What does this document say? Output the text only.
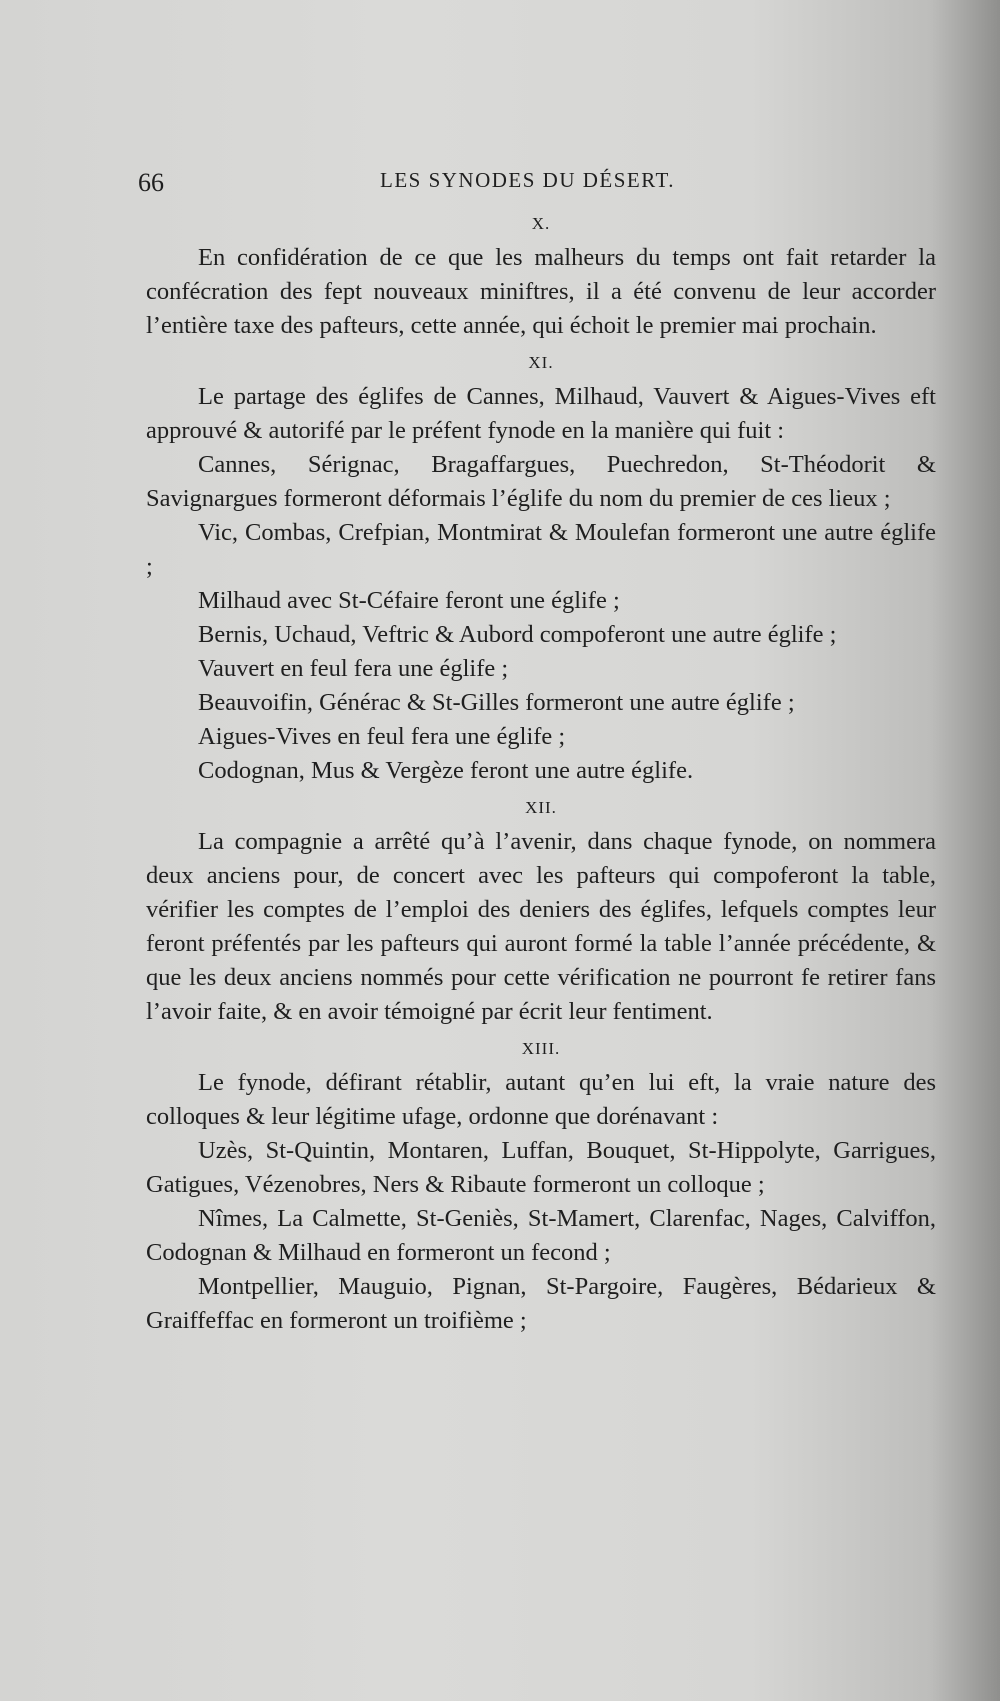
66	LES SYNODES DU DÉSERT.
X.

En confidération de ce que les malheurs du temps ont fait retarder la confécration des fept nouveaux miniftres, il a été convenu de leur accorder l’entière taxe des pafteurs, cette année, qui échoit le premier mai prochain.

XI.

Le partage des églifes de Cannes, Milhaud, Vauvert & Aigues-Vives eft approuvé & autorifé par le préfent fynode en la manière qui fuit :

Cannes, Sérignac, Bragaffargues, Puechredon, St-Théodorit & Savignargues formeront déformais l’églife du nom du premier de ces lieux ;

Vic, Combas, Crefpian, Montmirat & Moulefan formeront une autre églife ;

Milhaud avec St-Céfaire feront une églife ;

Bernis, Uchaud, Veftric & Aubord compoferont une autre églife ;

Vauvert en feul fera une églife ;

Beauvoifin, Générac & St-Gilles formeront une autre églife ;

Aigues-Vives en feul fera une églife ;

Codognan, Mus & Vergèze feront une autre églife.

XII.

La compagnie a arrêté qu’à l’avenir, dans chaque fynode, on nommera deux anciens pour, de concert avec les pafteurs qui compoferont la table, vérifier les comptes de l’emploi des deniers des églifes, lefquels comptes leur feront préfentés par les pafteurs qui auront formé la table l’année précédente, & que les deux anciens nommés pour cette vérification ne pourront fe retirer fans l’avoir faite, & en avoir témoigné par écrit leur fentiment.

XIII.

Le fynode, défirant rétablir, autant qu’en lui eft, la vraie nature des colloques & leur légitime ufage, ordonne que dorénavant :

Uzès, St-Quintin, Montaren, Luffan, Bouquet, St-Hippolyte, Garrigues, Gatigues, Vézenobres, Ners & Ribaute formeront un colloque ;

Nîmes, La Calmette, St-Geniès, St-Mamert, Clarenfac, Nages, Calviffon, Codognan & Milhaud en formeront un fecond ;

Montpellier, Mauguio, Pignan, St-Pargoire, Faugères, Bédarieux & Graiffeffac en formeront un troifième ;
